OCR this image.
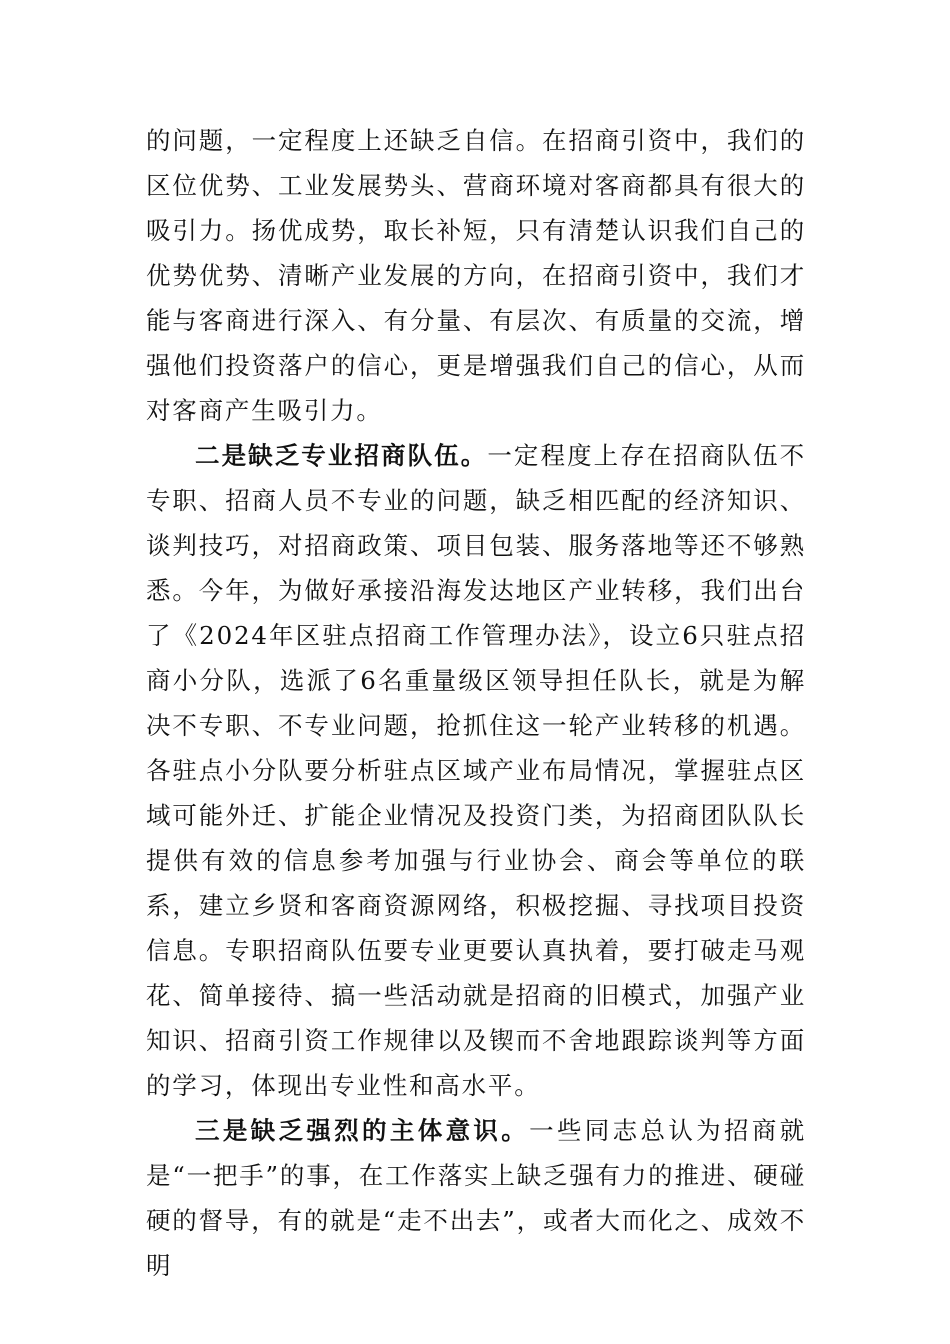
的问题，一定程度上还缺乏自信。在招商引资中，我们的区位优势、工业发展势头、营商环境对客商都具有很大的吸引力。扬优成势，取长补短，只有清楚认识我们自己的优势优势、清晰产业发展的方向，在招商引资中，我们才能与客商进行深入、有分量、有层次、有质量的交流，增强他们投资落户的信心，更是增强我们自己的信心，从而对客商产生吸引力。

二是缺乏专业招商队伍。一定程度上存在招商队伍不专职、招商人员不专业的问题，缺乏相匹配的经济知识、谈判技巧，对招商政策、项目包装、服务落地等还不够熟悉。今年，为做好承接沿海发达地区产业转移，我们出台了《2024年区驻点招商工作管理办法》，设立6只驻点招商小分队，选派了6名重量级区领导担任队长，就是为解决不专职、不专业问题，抢抓住这一轮产业转移的机遇。各驻点小分队要分析驻点区域产业布局情况，掌握驻点区域可能外迁、扩能企业情况及投资门类，为招商团队队长提供有效的信息参考加强与行业协会、商会等单位的联系，建立乡贤和客商资源网络，积极挖掘、寻找项目投资信息。专职招商队伍要专业更要认真执着，要打破走马观花、简单接待、搞一些活动就是招商的旧模式，加强产业知识、招商引资工作规律以及锲而不舍地跟踪谈判等方面的学习，体现出专业性和高水平。

三是缺乏强烈的主体意识。一些同志总认为招商就是“一把手”的事，在工作落实上缺乏强有力的推进、硬碰硬的督导，有的就是“走不出去”，或者大而化之、成效不明
